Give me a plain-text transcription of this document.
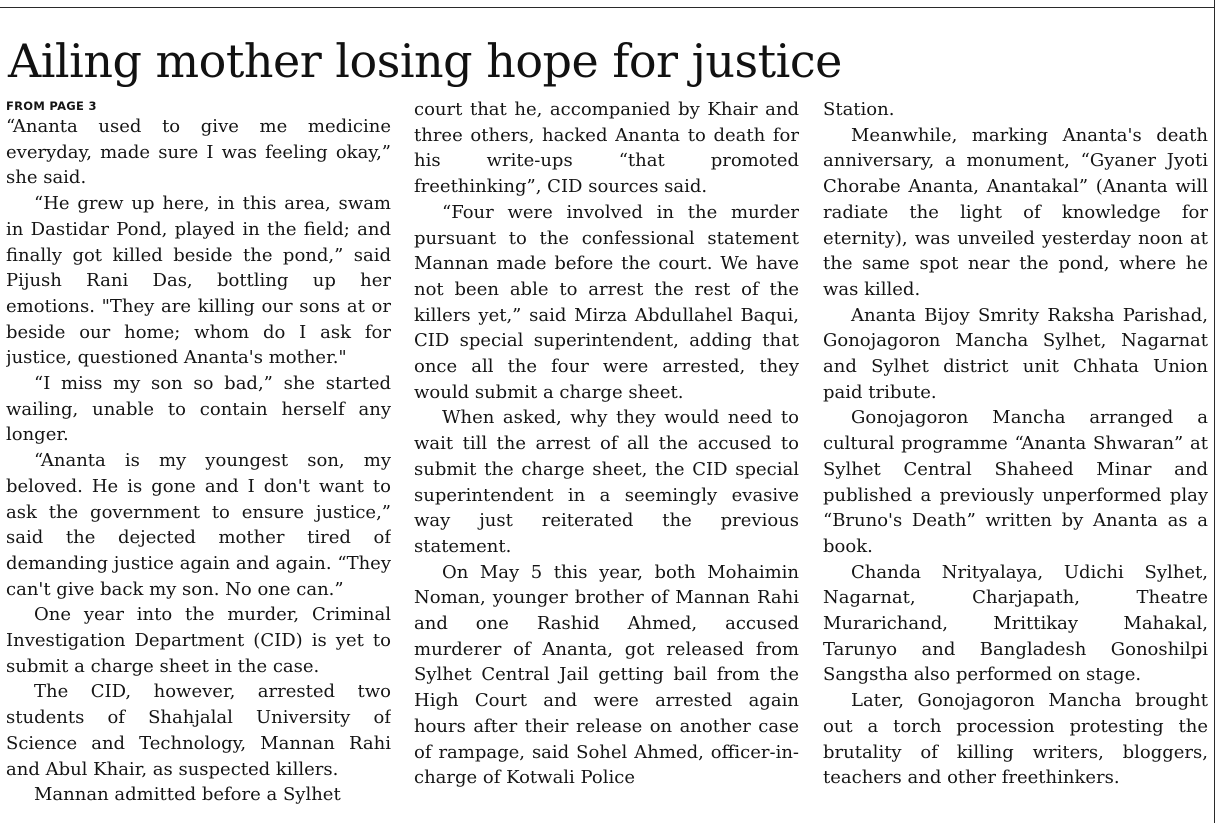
Ailing mother losing hope for justice
FROM PAGE 3

“Ananta used to give me medicine everyday, made sure I was feeling okay,” she said.

“He grew up here, in this area, swam in Dastidar Pond, played in the field; and finally got killed beside the pond,” said Pijush Rani Das, bottling up her emotions. "They are killing our sons at or beside our home; whom do I ask for justice, questioned Ananta's mother."

“I miss my son so bad,” she started wailing, unable to contain herself any longer.

“Ananta is my youngest son, my beloved. He is gone and I don't want to ask the government to ensure justice,” said the dejected mother tired of demanding justice again and again. “They can't give back my son. No one can.”

One year into the murder, Criminal Investigation Department (CID) is yet to submit a charge sheet in the case.

The CID, however, arrested two students of Shahjalal University of Science and Technology, Mannan Rahi and Abul Khair, as suspected killers.

Mannan admitted before a Sylhet

court that he, accompanied by Khair and three others, hacked Ananta to death for his write-ups “that promoted freethinking”, CID sources said.

“Four were involved in the murder pursuant to the confessional statement Mannan made before the court. We have not been able to arrest the rest of the killers yet,” said Mirza Abdullahel Baqui, CID special superintendent, adding that once all the four were arrested, they would submit a charge sheet.

When asked, why they would need to wait till the arrest of all the accused to submit the charge sheet, the CID special superintendent in a seemingly evasive way just reiterated the previous statement.

On May 5 this year, both Mohaimin Noman, younger brother of Mannan Rahi and one Rashid Ahmed, accused murderer of Ananta, got released from Sylhet Central Jail getting bail from the High Court and were arrested again hours after their release on another case of rampage, said Sohel Ahmed, officer-in-charge of Kotwali Police

Station.

Meanwhile, marking Ananta's death anniversary, a monument, “Gyaner Jyoti Chorabe Ananta, Anantakal” (Ananta will radiate the light of knowledge for eternity), was unveiled yesterday noon at the same spot near the pond, where he was killed.

Ananta Bijoy Smrity Raksha Parishad, Gonojagoron Mancha Sylhet, Nagarnat and Sylhet district unit Chhata Union paid tribute.

Gonojagoron Mancha arranged a cultural programme “Ananta Shwaran” at Sylhet Central Shaheed Minar and published a previously unperformed play “Bruno's Death” written by Ananta as a book.

Chanda Nrityalaya, Udichi Sylhet, Nagarnat, Charjapath, Theatre Murarichand, Mrittikay Mahakal, Tarunyo and Bangladesh Gonoshilpi Sangstha also performed on stage.

Later, Gonojagoron Mancha brought out a torch procession protesting the brutality of killing writers, bloggers, teachers and other freethinkers.
